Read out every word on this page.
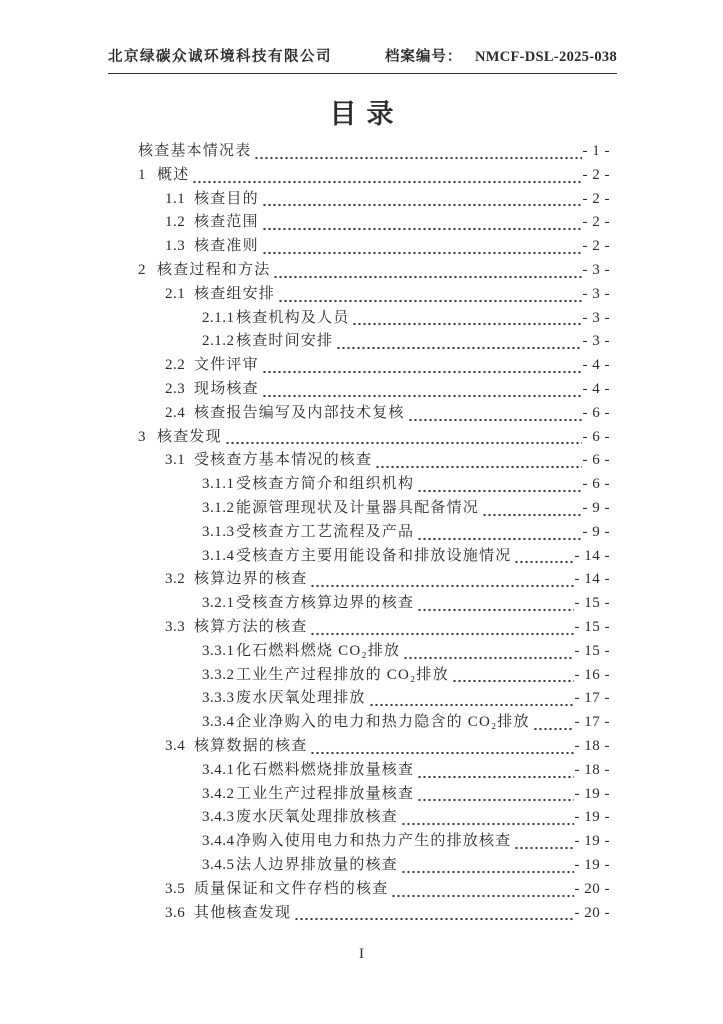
北京绿碳众诚环境科技有限公司	档案编号： NMCF-DSL-2025-038
目录
核查基本情况表	- 1 -
1 概述	- 2 -
1.1 核查目的	- 2 -
1.2 核查范围	- 2 -
1.3 核查准则	- 2 -
2 核查过程和方法	- 3 -
2.1 核查组安排	- 3 -
2.1.1 核查机构及人员	- 3 -
2.1.2 核查时间安排	- 3 -
2.2 文件评审	- 4 -
2.3 现场核查	- 4 -
2.4 核查报告编写及内部技术复核	- 6 -
3 核查发现	- 6 -
3.1 受核查方基本情况的核查	- 6 -
3.1.1 受核查方简介和组织机构	- 6 -
3.1.2 能源管理现状及计量器具配备情况	- 9 -
3.1.3 受核查方工艺流程及产品	- 9 -
3.1.4 受核查方主要用能设备和排放设施情况	- 14 -
3.2 核算边界的核查	- 14 -
3.2.1 受核查方核算边界的核查	- 15 -
3.3 核算方法的核查	- 15 -
3.3.1 化石燃料燃烧 CO₂排放	- 15 -
3.3.2 工业生产过程排放的 CO₂排放	- 16 -
3.3.3 废水厌氧处理排放	- 17 -
3.3.4 企业净购入的电力和热力隐含的 CO₂排放	- 17 -
3.4 核算数据的核查	- 18 -
3.4.1 化石燃料燃烧排放量核查	- 18 -
3.4.2 工业生产过程排放量核查	- 19 -
3.4.3 废水厌氧处理排放核查	- 19 -
3.4.4 净购入使用电力和热力产生的排放核查	- 19 -
3.4.5 法人边界排放量的核查	- 19 -
3.5 质量保证和文件存档的核查	- 20 -
3.6 其他核查发现	- 20 -
I
